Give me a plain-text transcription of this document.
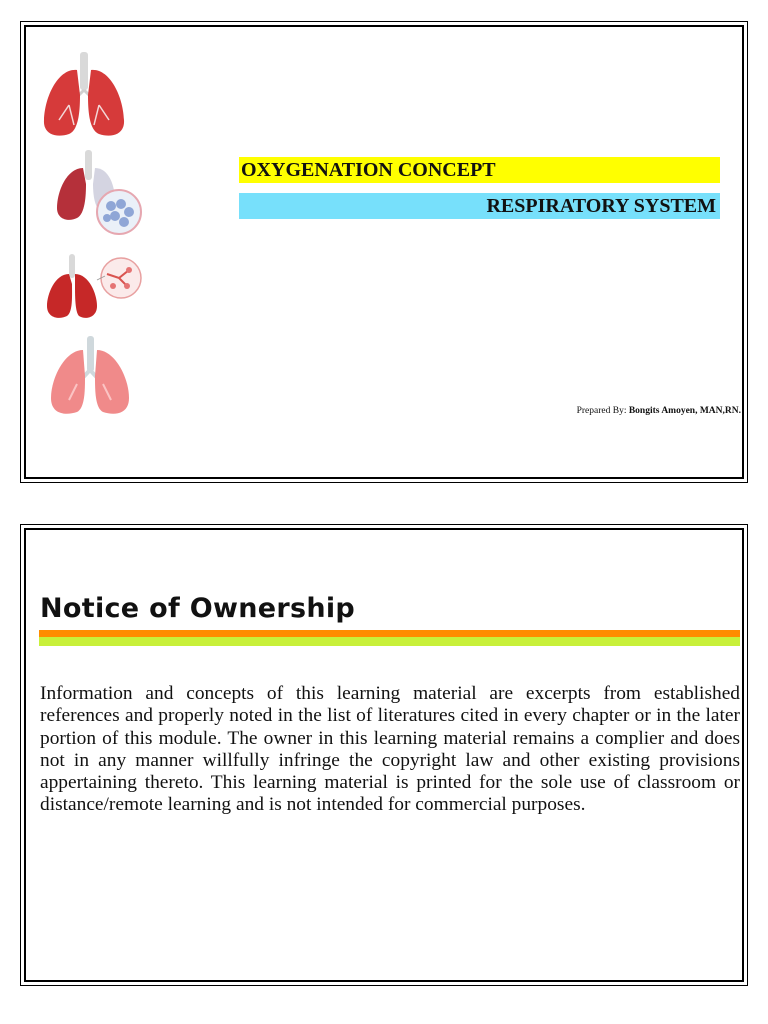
OXYGENATION CONCEPT
RESPIRATORY SYSTEM
Prepared By: Bongits Amoyen, MAN,RN.
Notice of Ownership

Information and concepts of this learning material are excerpts from established references and properly noted in the list of literatures cited in every chapter or in the later portion of this module. The owner in this learning material remains a complier and does not in any manner willfully infringe the copyright law and other existing provisions appertaining thereto. This learning material is printed for the sole use of classroom or distance/remote learning and is not intended for commercial purposes.
